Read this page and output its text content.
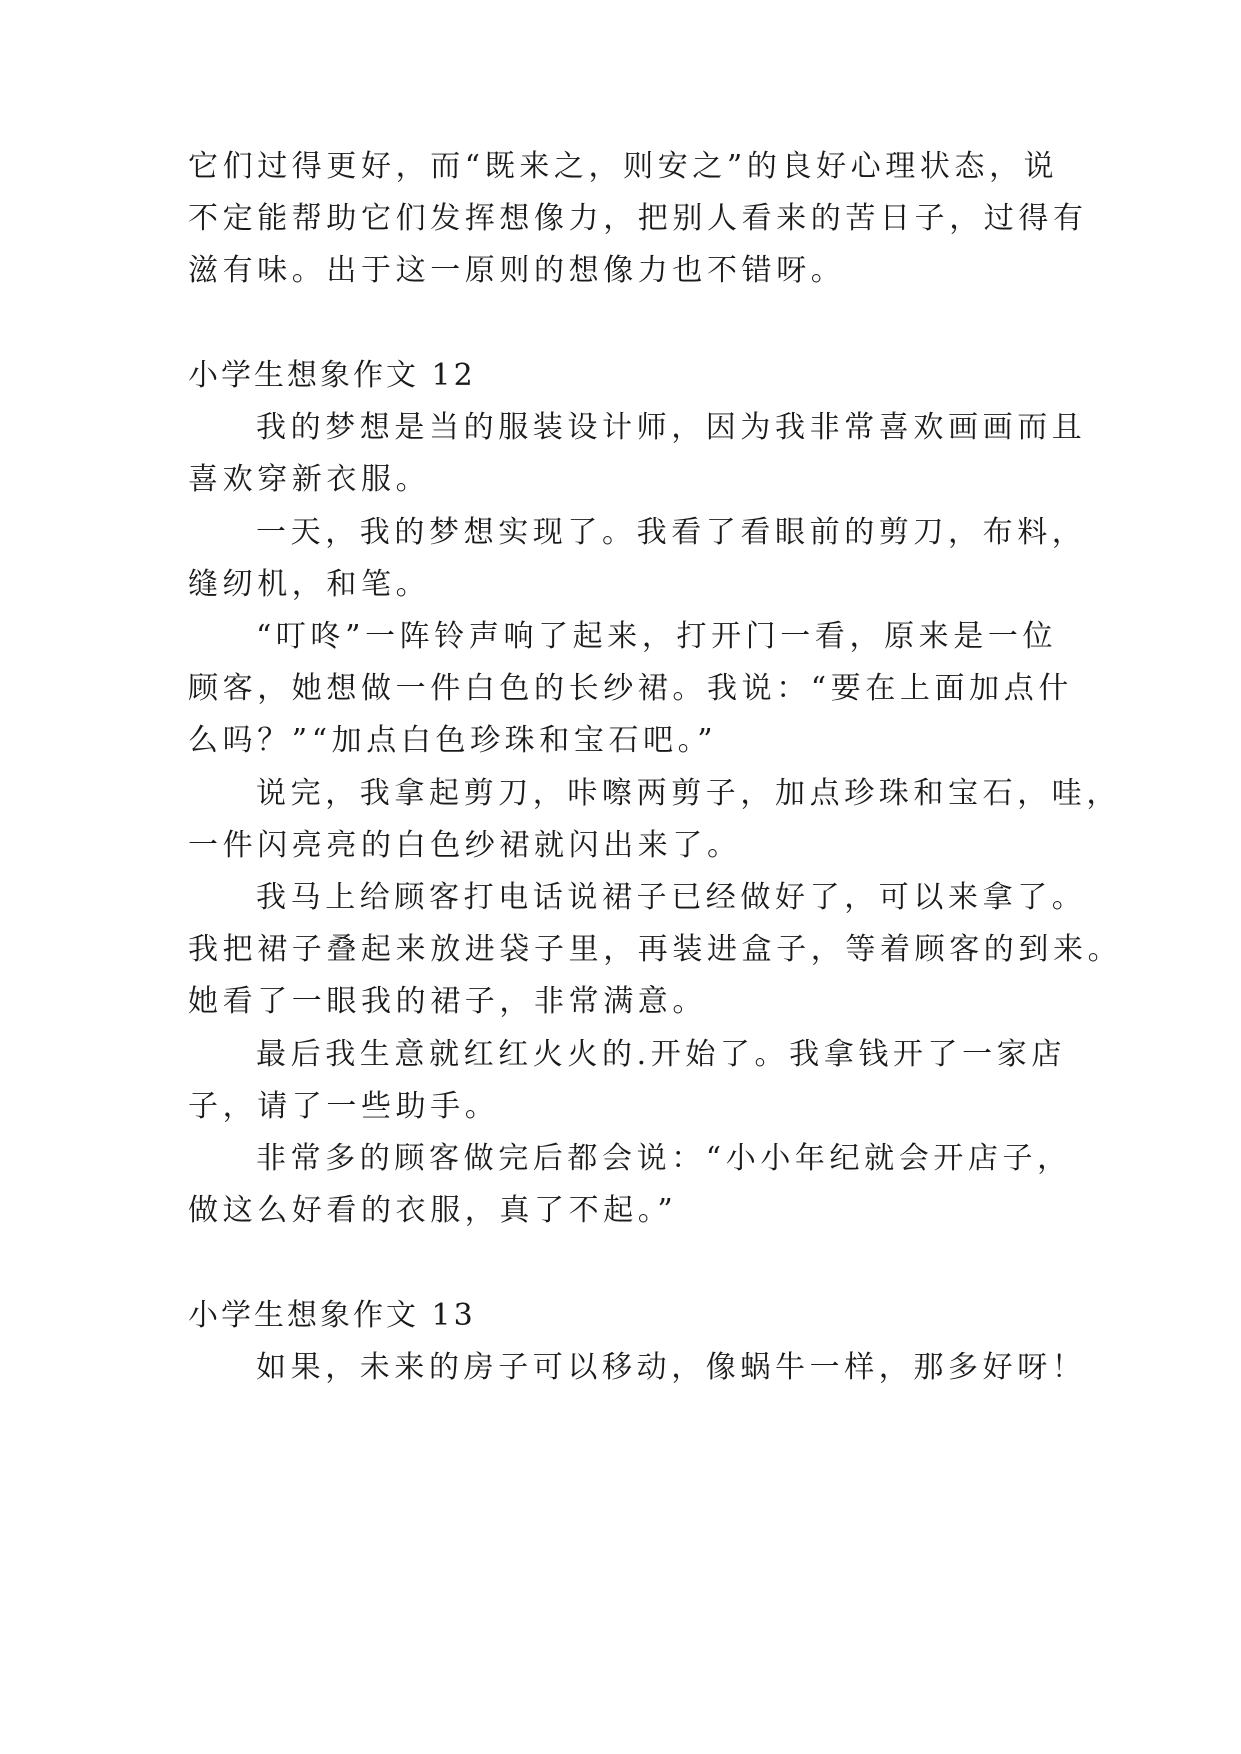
它们过得更好，而“既来之，则安之”的良好心理状态，说
不定能帮助它们发挥想像力，把别人看来的苦日子，过得有
滋有味。出于这一原则的想像力也不错呀。
小学生想象作文 12
我的梦想是当的服装设计师，因为我非常喜欢画画而且
喜欢穿新衣服。
一天，我的梦想实现了。我看了看眼前的剪刀，布料，
缝纫机，和笔。
“叮咚”一阵铃声响了起来，打开门一看，原来是一位
顾客，她想做一件白色的长纱裙。我说：“要在上面加点什
么吗？”“加点白色珍珠和宝石吧。”
说完，我拿起剪刀，咔嚓两剪子，加点珍珠和宝石，哇，
一件闪亮亮的白色纱裙就闪出来了。
我马上给顾客打电话说裙子已经做好了，可以来拿了。
我把裙子叠起来放进袋子里，再装进盒子，等着顾客的到来。
她看了一眼我的裙子，非常满意。
最后我生意就红红火火的.开始了。我拿钱开了一家店
子，请了一些助手。
非常多的顾客做完后都会说：“小小年纪就会开店子，
做这么好看的衣服，真了不起。”
小学生想象作文 13
如果，未来的房子可以移动，像蜗牛一样，那多好呀！
